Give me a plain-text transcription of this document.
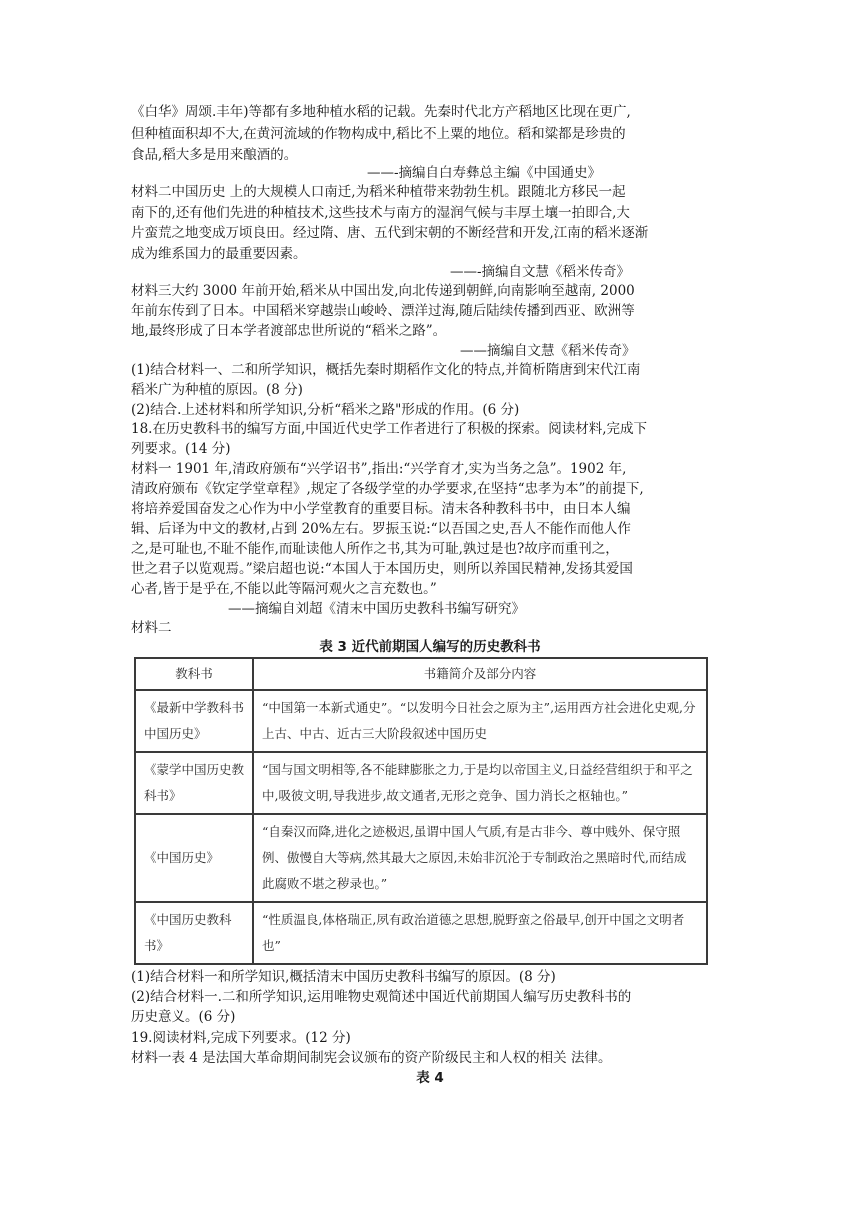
《白华》周颂.丰年)等都有多地种植水稻的记载。先秦时代北方产稻地区比现在更广,
但种植面积却不大,在黄河流域的作物构成中,稻比不上粟的地位。稻和粱都是珍贵的
食品,稻大多是用来酿酒的。
——-摘编自白寿彝总主编《中国通史》
材料二中国历史 上的大规模人口南迁,为稻米种植带来勃勃生机。跟随北方移民一起
南下的,还有他们先进的种植技术,这些技术与南方的湿润气候与丰厚土壤一拍即合,大
片蛮荒之地变成万顷良田。经过隋、唐、五代到宋朝的不断经营和开发,江南的稻米逐渐
成为维系国力的最重要因素。
——-摘编自文慧《稻米传奇》
材料三大约 3000 年前开始,稻米从中国出发,向北传递到朝鲜,向南影响至越南, 2000
年前东传到了日本。中国稻米穿越崇山峻岭、漂洋过海,随后陆续传播到西亚、欧洲等
地,最终形成了日本学者渡部忠世所说的“稻米之路”。
——摘编自文慧《稻米传奇》
(1)结合材料一、二和所学知识，概括先秦时期稻作文化的特点,并简析隋唐到宋代江南
稻米广为种植的原因。(8 分)
(2)结合.上述材料和所学知识,分析“稻米之路"形成的作用。(6 分)
18.在历史教科书的编写方面,中国近代史学工作者进行了积极的探索。阅读材料,完成下
列要求。(14 分)
材料一 1901 年,清政府颁布“兴学诏书”,指出:“兴学育才,实为当务之急”。1902 年,
清政府颁布《钦定学堂章程》,规定了各级学堂的办学要求,在坚持“忠孝为本”的前提下,
将培养爱国奋发之心作为中小学堂教育的重要目标。清末各种教科书中，由日本人编
辑、后译为中文的教材,占到 20%左右。罗振玉说:“以吾国之史,吾人不能作而他人作
之,是可耻也,不耻不能作,而耻读他人所作之书,其为可耻,孰过是也?故序而重刊之，
世之君子以览观焉。”梁启超也说:“本国人于本国历史，则所以养国民精神,发扬其爱国
心者,皆于是乎在,不能以此等隔河观火之言充数也。”
——摘编自刘超《清末中国历史教科书编写研究》
材料二
表 3 近代前期国人编写的历史教科书
教科书	书籍简介及部分内容
《最新中学教科书中国历史》	“中国第一本新式通史”。“以发明今日社会之原为主”,运用西方社会进化史观,分上古、中古、近古三大阶段叙述中国历史
《蒙学中国历史教科书》	“国与国文明相等,各不能肆膨胀之力,于是均以帝国主义,日益经营组织于和平之中,吸彼文明,导我进步,故文通者,无形之竞争、国力消长之枢轴也。”
《中国历史》	“自秦汉而降,进化之迹极迟,虽谓中国人气质,有是古非今、尊中贱外、保守照例、傲慢自大等病,然其最大之原因,未始非沉沦于专制政治之黑暗时代,而结成此腐败不堪之秽录也。”
《中国历史教科书》	“性质温良,体格瑞正,夙有政治道德之思想,脱野蛮之俗最早,创开中国之文明者也”
(1)结合材料一和所学知识,概括清末中国历史教科书编写的原因。(8 分)
(2)结合材料一.二和所学知识,运用唯物史观简述中国近代前期国人编写历史教科书的
历史意义。(6 分)
19.阅读材料,完成下列要求。(12 分)
材料一表 4 是法国大革命期间制宪会议颁布的资产阶级民主和人权的相关 法律。
表 4
